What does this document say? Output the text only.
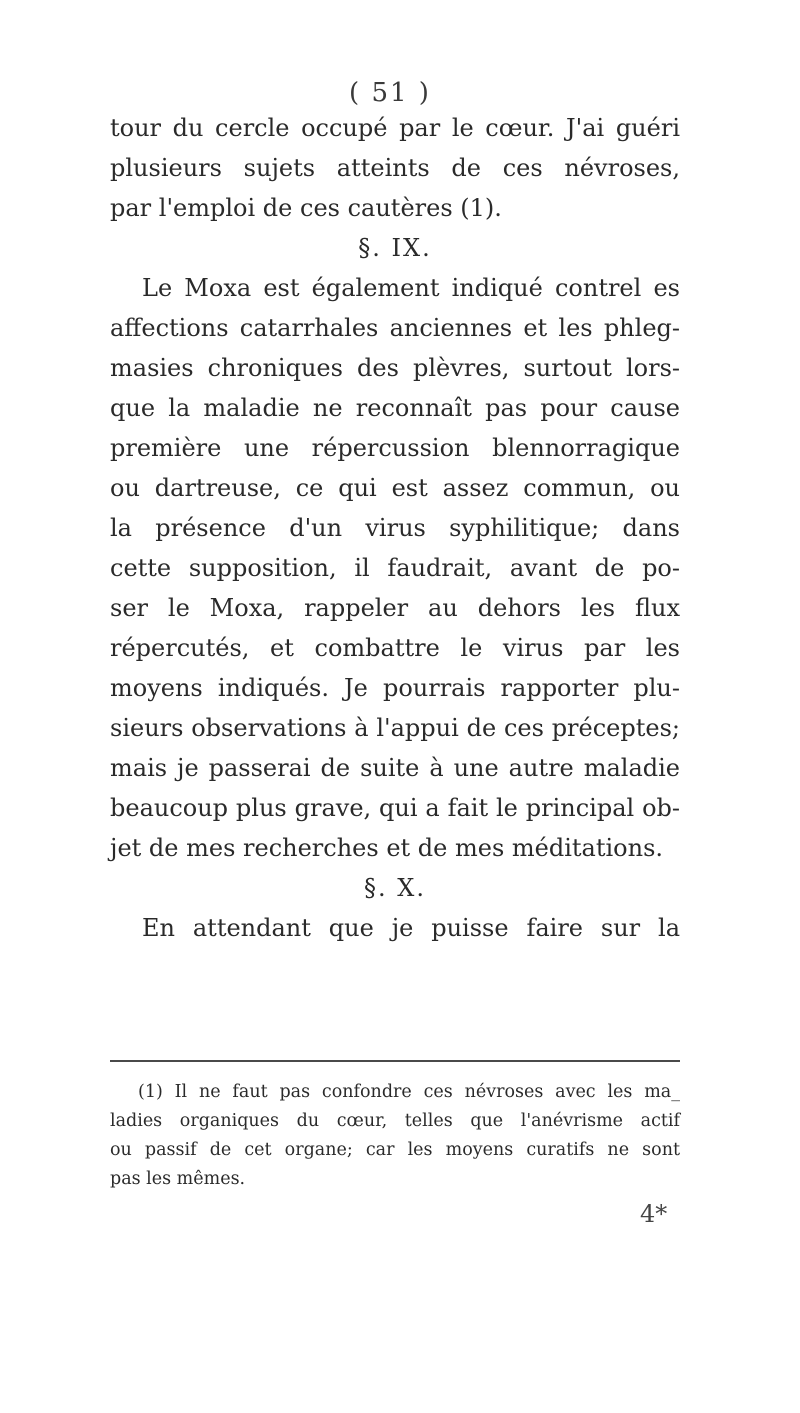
( 51 )
tour du cercle occupé par le cœur. J'ai guéri
plusieurs sujets atteints de ces névroses,
par l'emploi de ces cautères (1).
§. IX.
Le Moxa est également indiqué contrel es
affections catarrhales anciennes et les phleg-
masies chroniques des plèvres, surtout lors-
que la maladie ne reconnaît pas pour cause
première une répercussion blennorragique
ou dartreuse, ce qui est assez commun, ou
la présence d'un virus syphilitique; dans
cette supposition, il faudrait, avant de po-
ser le Moxa, rappeler au dehors les flux
répercutés, et combattre le virus par les
moyens indiqués. Je pourrais rapporter plu-
sieurs observations à l'appui de ces préceptes;
mais je passerai de suite à une autre maladie
beaucoup plus grave, qui a fait le principal ob-
jet de mes recherches et de mes méditations.
§. X.
En attendant que je puisse faire sur la
(1) Il ne faut pas confondre ces névroses avec les ma_
ladies organiques du cœur, telles que l'anévrisme actif
ou passif de cet organe; car les moyens curatifs ne sont
pas les mêmes.
4*
